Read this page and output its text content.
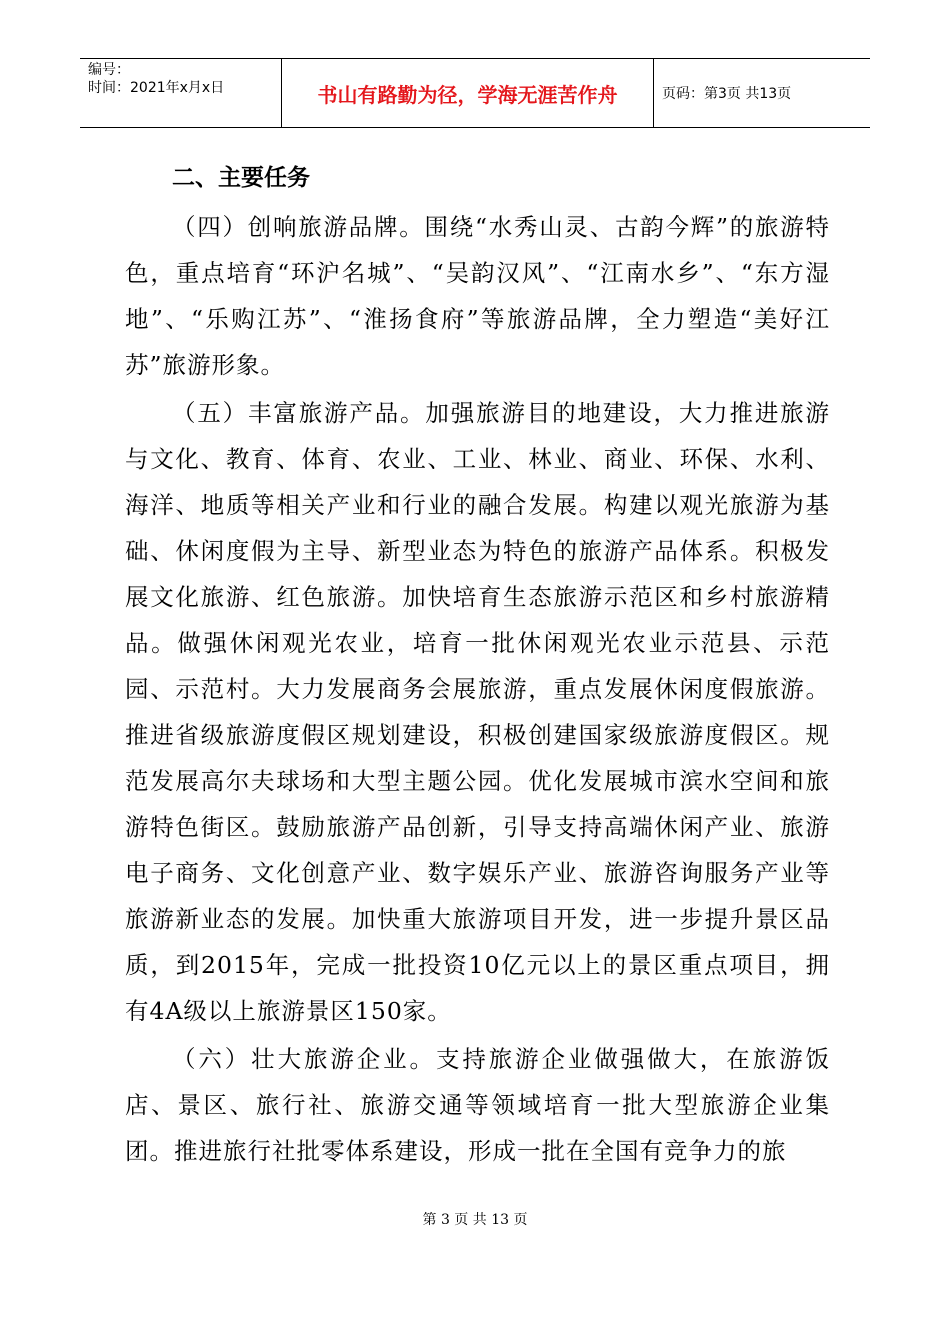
编号：
时间：2021年x月x日	书山有路勤为径，学海无涯苦作舟	页码：第3页 共13页
二、主要任务

（四）创响旅游品牌。围绕“水秀山灵、古韵今辉”的旅游特色，重点培育“环沪名城”、“吴韵汉风”、“江南水乡”、“东方湿地”、“乐购江苏”、“淮扬食府”等旅游品牌，全力塑造“美好江苏”旅游形象。

（五）丰富旅游产品。加强旅游目的地建设，大力推进旅游与文化、教育、体育、农业、工业、林业、商业、环保、水利、海洋、地质等相关产业和行业的融合发展。构建以观光旅游为基础、休闲度假为主导、新型业态为特色的旅游产品体系。积极发展文化旅游、红色旅游。加快培育生态旅游示范区和乡村旅游精品。做强休闲观光农业，培育一批休闲观光农业示范县、示范园、示范村。大力发展商务会展旅游，重点发展休闲度假旅游。推进省级旅游度假区规划建设，积极创建国家级旅游度假区。规范发展高尔夫球场和大型主题公园。优化发展城市滨水空间和旅游特色街区。鼓励旅游产品创新，引导支持高端休闲产业、旅游电子商务、文化创意产业、数字娱乐产业、旅游咨询服务产业等旅游新业态的发展。加快重大旅游项目开发，进一步提升景区品质，到2015年，完成一批投资10亿元以上的景区重点项目，拥有4A级以上旅游景区150家。

（六）壮大旅游企业。支持旅游企业做强做大，在旅游饭店、景区、旅行社、旅游交通等领域培育一批大型旅游企业集团。推进旅行社批零体系建设，形成一批在全国有竞争力的旅

第 3 页 共 13 页
